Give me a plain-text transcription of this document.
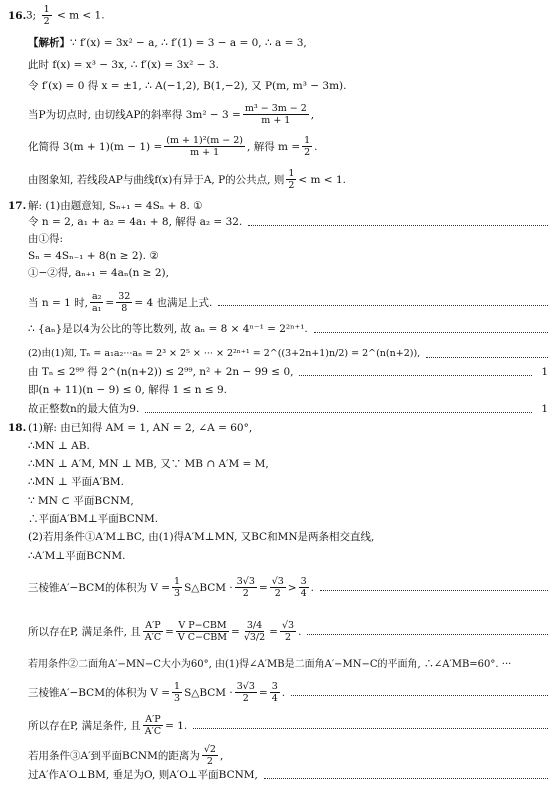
16. 3; $\frac{1}{2} < m < 1$.
【解析】 ∵ f′(x) = 3x² − a, ∴ f′(1) = 3 − a = 0, ∴ a = 3,
此时 f(x) = x³ − 3x, ∴ f′(x) = 3x² − 3.
令 f′(x) = 0 得 x = ±1, ∴ A(−1,2), B(1,−2), 又 P(m, m³ − 3m).
当P为切点时, 由切线AP的斜率得 $3m^2 - 3 = \frac{\text{m³ − 3m − 2}}{m + 1}$ ,
化简得 $3(m + 1)(m - 1) = \frac{\text{(m + 1)²(m − 2)}}{m + 1}$ , 解得 $m = \frac{1}{2}$ .
由图象知, 若线段AP与曲线f(x)有异于A, P的公共点, 则 $\frac{1}{2} < m < 1$.
17. 解: (1)由题意知, Sₙ₊₁ = 4Sₙ + 8. ①
令 n = 2, a₁ + a₂ = 4a₁ + 8, 解得 a₂ = 32.
由①得:
Sₙ = 4Sₙ₋₁ + 8(n ≥ 2). ②
①−②得, aₙ₊₁ = 4aₙ(n ≥ 2),
当 n = 1 时, $\frac{\text{a₂}}{\text{a₁}} = \frac{32}{8} = 4$ 也满足上式.
∴ {aₙ}是以4为公比的等比数列, 故 aₙ = 8 × 4ⁿ⁻¹ = 2²ⁿ⁺¹.
(2)由(1)知, Tₙ = a₁a₂···aₙ = 2³ × 2⁵ × ··· × 2²ⁿ⁺¹ = 2^((3+2n+1)n/2) = 2^(n(n+2)),
由 Tₙ ≤ 2⁹⁹ 得 2^(n(n+2)) ≤ 2⁹⁹, n² + 2n − 99 ≤ 0,	1
即(n + 11)(n − 9) ≤ 0, 解得 1 ≤ n ≤ 9.
故正整数n的最大值为9.	1
18. (1)解: 由已知得 AM = 1, AN = 2, ∠A = 60°,
∴MN ⊥ AB.
∴MN ⊥ A′M, MN ⊥ MB, 又∵ MB ∩ A′M = M,
∴MN ⊥ 平面A′BM.
∵ MN ⊂ 平面BCNM,
∴平面A′BM⊥平面BCNM.
(2)若用条件①A′M⊥BC, 由(1)得A′M⊥MN, 又BC和MN是两条相交直线,
∴A′M⊥平面BCNM.
三棱锥A′−BCM的体积为 $V = \frac{1}{3}$ S△BCM · $\frac{3√3}{2} = \frac{√3}{2} > \frac{3}{4}$ .
所以存在P, 满足条件, 且 $\frac{A'P}{A'C} = \frac{\text{V P−CBM}}{\text{V C−CBM}} = \frac{3/4}{√3/2} = \frac{√3}{2}$ .
若用条件②二面角A′−MN−C大小为60°, 由(1)得∠A′MB是二面角A′−MN−C的平面角, ∴∠A′MB=60°. ···
三棱锥A′−BCM的体积为 $V = \frac{1}{3}$ S△BCM · $\frac{3√3}{2} = \frac{3}{4}$ .
所以存在P, 满足条件, 且 $\frac{A'P}{A'C} = 1$.
若用条件③A′到平面BCNM的距离为 $\frac{√2}{2}$ ,
过A′作A′O⊥BM, 垂足为O, 则A′O⊥平面BCNM,
